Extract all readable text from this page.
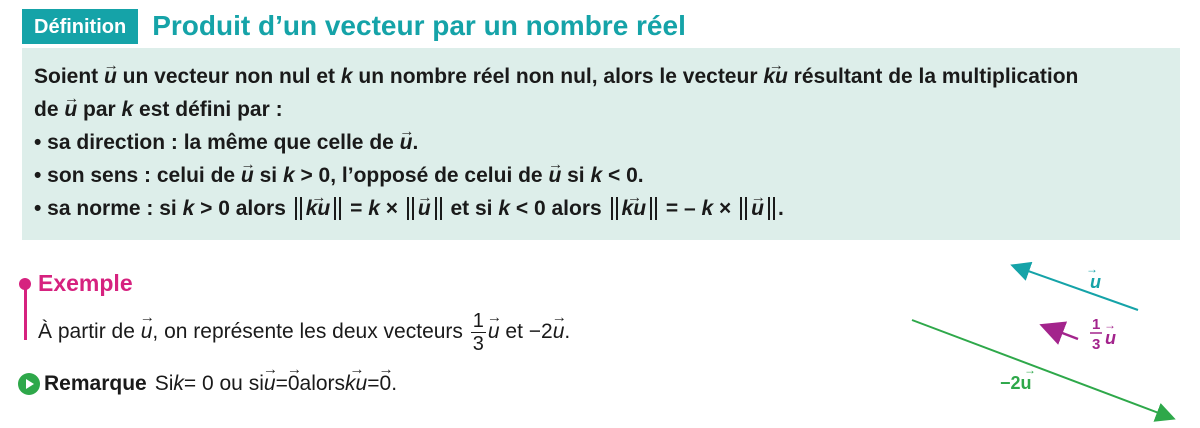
Définition Produit d’un vecteur par un nombre réel
Soient → u un vecteur non nul et k un nombre réel non nul, alors le vecteur → ku résultant de la multiplication
de → u par k est défini par :
• sa direction : la même que celle de → u.
• son sens : celui de → u si k > 0, l’opposé de celui de → u si k < 0.
• sa norme : si k > 0 alors → ku = k × → u et si k < 0 alors → ku = – k × → u .
Exemple
À partir de → u, on représente les deux vecteurs $\frac{1}{3}$
→ u et −2→ u.
Remarque Si k = 0 ou si
→ u =
→ 0 alors
→ ku =
→ 0 .
u
→
1
3 u
→
−2u
→
